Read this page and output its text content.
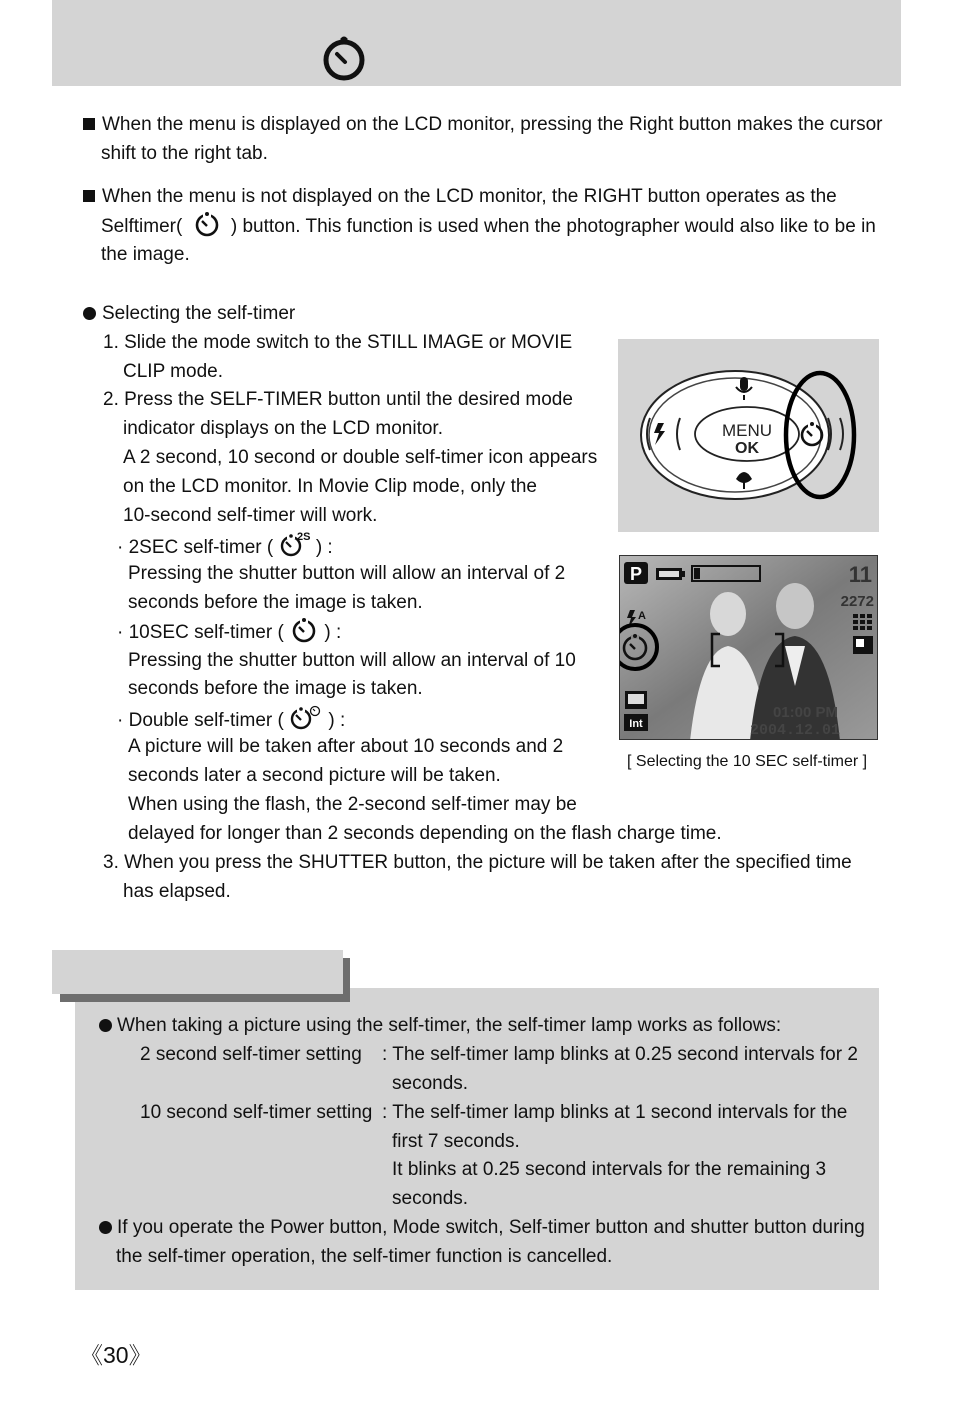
When the menu is displayed on the LCD monitor, pressing the Right button makes the cursor
shift to the right tab.
When the menu is not displayed on the LCD monitor, the RIGHT button operates as the
Selftimer(	) button. This function is used when the photographer would also like to be in
the image.
Selecting the self-timer
1. Slide the mode switch to the STILL IMAGE or MOVIE
CLIP mode.
2. Press the SELF-TIMER button until the desired mode
indicator displays on the LCD monitor.
A 2 second, 10 second or double self-timer icon appears
on the LCD monitor. In Movie Clip mode, only the
10-second self-timer will work.
· 2SEC self-timer ( 2S ) :
Pressing the shutter button will allow an interval of 2
seconds before the image is taken.
· 10SEC self-timer ( ) :
Pressing the shutter button will allow an interval of 10
seconds before the image is taken.
· Double self-timer ( ) :
A picture will be taken after about 10 seconds and 2
seconds later a second picture will be taken.
When using the flash, the 2-second self-timer may be
delayed for longer than 2 seconds depending on the flash charge time.
3. When you press the SHUTTER button, the picture will be taken after the specified time
has elapsed.
MENU
OK
P	11
2272
A
Int
01:00 PM
2004.12.01
[ Selecting the 10 SEC self-timer ]
When taking a picture using the self-timer, the self-timer lamp works as follows:
2 second self-timer setting : The self-timer lamp blinks at 0.25 second intervals for 2
seconds.
10 second self-timer setting : The self-timer lamp blinks at 1 second intervals for the
first 7 seconds.
It blinks at 0.25 second intervals for the remaining 3
seconds.
If you operate the Power button, Mode switch, Self-timer button and shutter button during
the self-timer operation, the self-timer function is cancelled.
《30》
